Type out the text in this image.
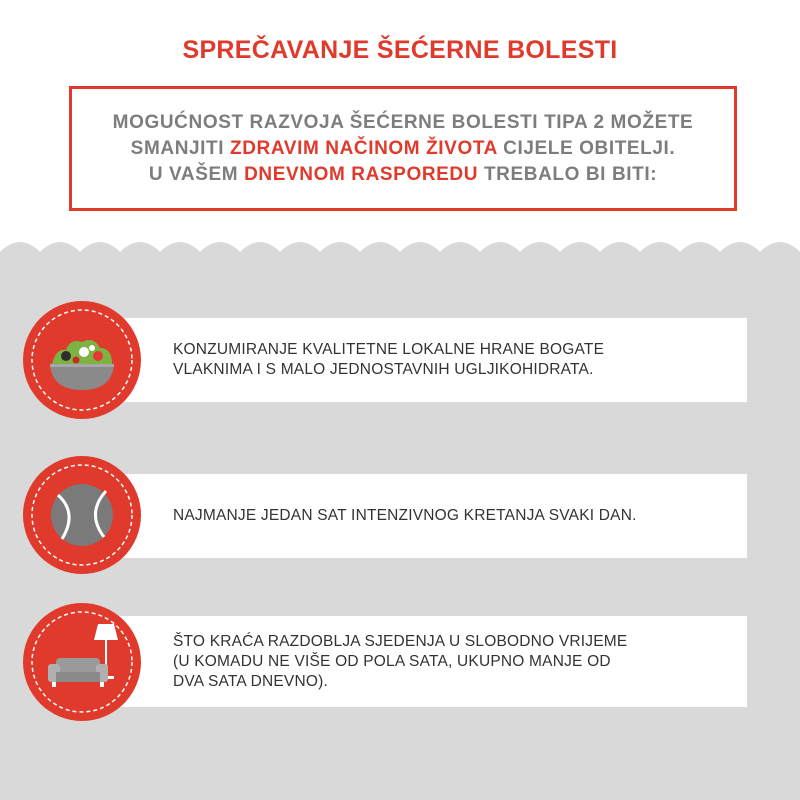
SPREČAVANJE ŠEĆERNE BOLESTI
MOGUĆNOST RAZVOJA ŠEĆERNE BOLESTI TIPA 2 MOŽETE
SMANJITI ZDRAVIM NAČINOM ŽIVOTA CIJELE OBITELJI.
U VAŠEM DNEVNOM RASPOREDU TREBALO BI BITI:
KONZUMIRANJE KVALITETNE LOKALNE HRANE BOGATE
VLAKNIMA I S MALO JEDNOSTAVNIH UGLJIKOHIDRATA.
NAJMANJE JEDAN SAT INTENZIVNOG KRETANJA SVAKI DAN.
ŠTO KRAĆA RAZDOBLJA SJEDENJA U SLOBODNO VRIJEME
(U KOMADU NE VIŠE OD POLA SATA, UKUPNO MANJE OD
DVA SATA DNEVNO).
